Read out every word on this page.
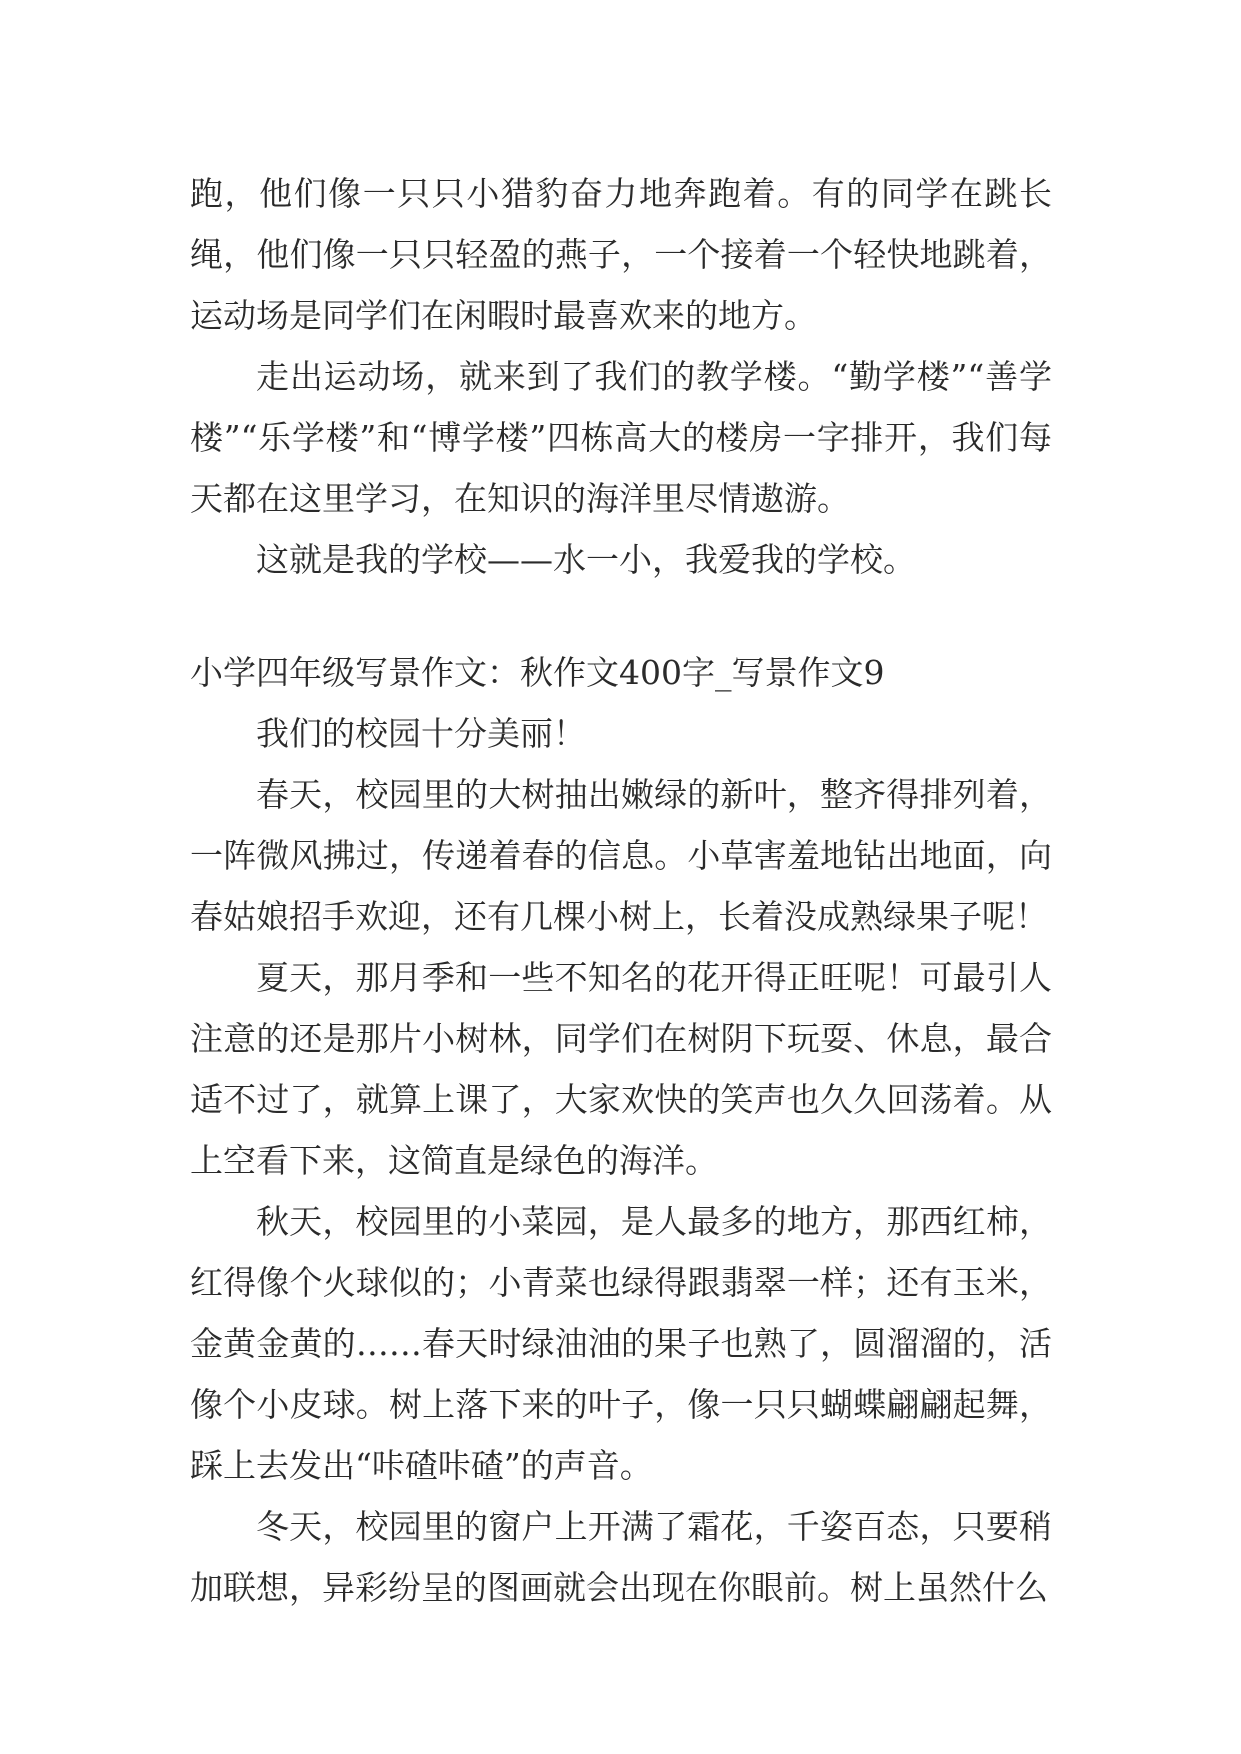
跑，他们像一只只小猎豹奋力地奔跑着。有的同学在跳长绳，他们像一只只轻盈的燕子，一个接着一个轻快地跳着，运动场是同学们在闲暇时最喜欢来的地方。

走出运动场，就来到了我们的教学楼。“勤学楼”“善学楼”“乐学楼”和“博学楼”四栋高大的楼房一字排开，我们每天都在这里学习，在知识的海洋里尽情遨游。

这就是我的学校——水一小，我爱我的学校。

小学四年级写景作文：秋作文400字_写景作文9

我们的校园十分美丽！

春天，校园里的大树抽出嫩绿的新叶，整齐得排列着，一阵微风拂过，传递着春的信息。小草害羞地钻出地面，向春姑娘招手欢迎，还有几棵小树上，长着没成熟绿果子呢！

夏天，那月季和一些不知名的花开得正旺呢！可最引人注意的还是那片小树林，同学们在树阴下玩耍、休息，最合适不过了，就算上课了，大家欢快的笑声也久久回荡着。从上空看下来，这简直是绿色的海洋。

秋天，校园里的小菜园，是人最多的地方，那西红柿，红得像个火球似的；小青菜也绿得跟翡翠一样；还有玉米，金黄金黄的……春天时绿油油的果子也熟了，圆溜溜的，活像个小皮球。树上落下来的叶子，像一只只蝴蝶翩翩起舞，踩上去发出“咔碴咔碴”的声音。

冬天，校园里的窗户上开满了霜花，千姿百态，只要稍加联想，异彩纷呈的图画就会出现在你眼前。树上虽然什么
